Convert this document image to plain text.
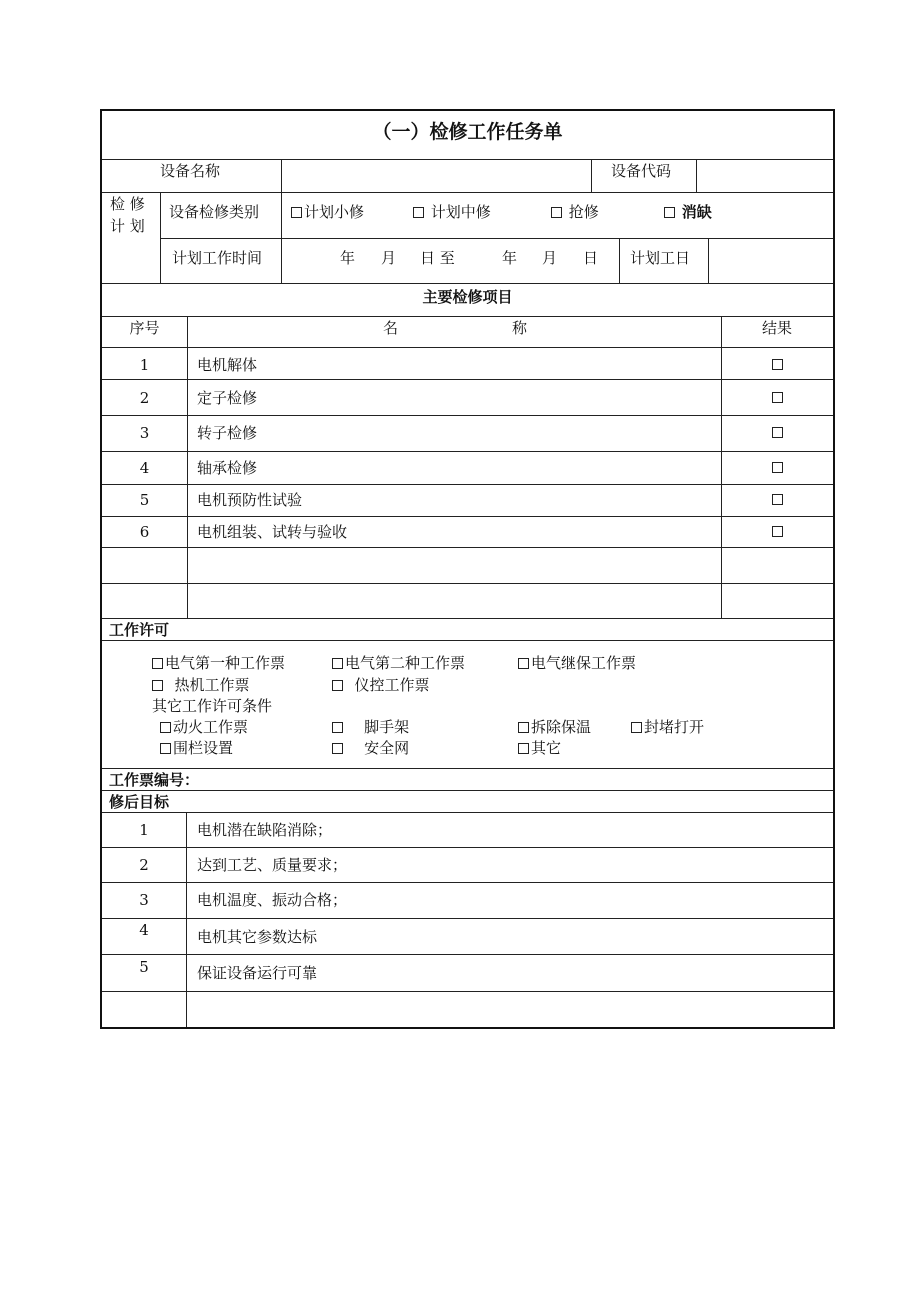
（一）检修工作任务单
设备名称	设备代码
检 修
计 划
设备检修类别	计划小修	计划中修	抢修	消缺
计划工作时间	年 月 日 至	年 月 日 计划工日
主要检修项目
序号	名	称	结果
1	电机解体
2	定子检修
3	转子检修
4	轴承检修
5	电机预防性试验
6	电机组装、试转与验收
工作许可
电气第一种工作票	电气第二种工作票	电气继保工作票
热机工作票	仪控工作票
其它工作许可条件
动火工作票	脚手架	拆除保温	封堵打开
围栏设置	安全网	其它
工作票编号：
修后目标
1	电机潜在缺陷消除；
2	达到工艺、质量要求；
3	电机温度、振动合格；
4	电机其它参数达标
5	保证设备运行可靠
